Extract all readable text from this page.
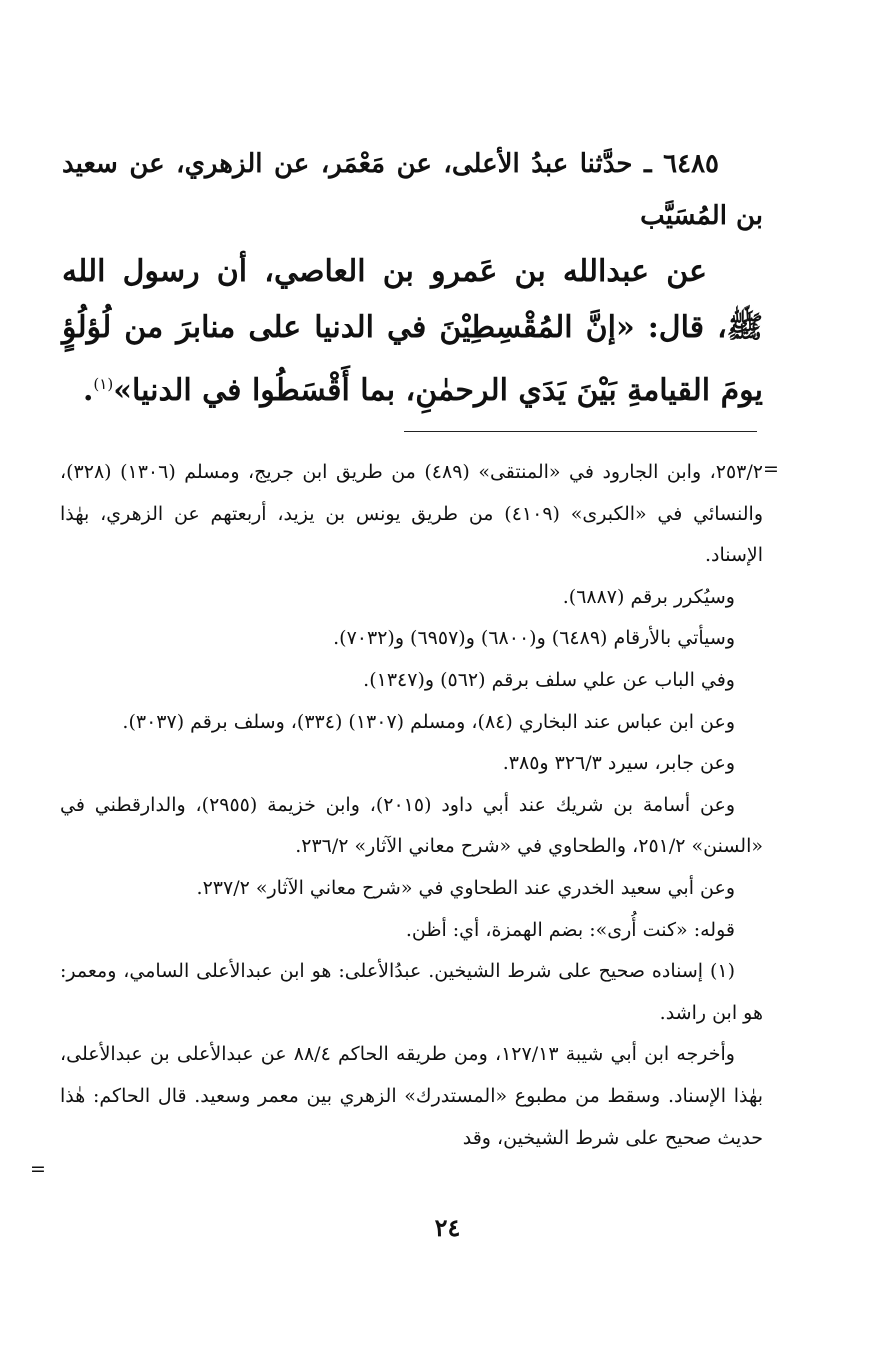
٦٤٨٥ ـ حدَّثنا عبدُ الأعلى، عن مَعْمَر، عن الزهري، عن سعيد بن المُسَيَّب
عن عبدالله بن عَمرو بن العاصي، أن رسول الله ﷺ، قال: «إنَّ المُقْسِطِيْنَ في الدنيا على منابرَ من لُؤلُؤٍ يومَ القيامةِ بَيْنَ يَدَي الرحمٰنِ، بما أَقْسَطُوا في الدنيا»$^{(١)}$.
=

٢٥٣/٢، وابن الجارود في «المنتقى» (٤٨٩) من طريق ابن جريج، ومسلم (١٣٠٦) (٣٢٨)، والنسائي في «الكبرى» (٤١٠٩) من طريق يونس بن يزيد، أربعتهم عن الزهري، بهٰذا الإسناد.

وسيُكرر برقم (٦٨٨٧).

وسيأتي بالأرقام (٦٤٨٩) و(٦٨٠٠) و(٦٩٥٧) و(٧٠٣٢).

وفي الباب عن علي سلف برقم (٥٦٢) و(١٣٤٧).

وعن ابن عباس عند البخاري (٨٤)، ومسلم (١٣٠٧) (٣٣٤)، وسلف برقم (٣٠٣٧).

وعن جابر، سيرد ٣٢٦/٣ و٣٨٥.

وعن أسامة بن شريك عند أبي داود (٢٠١٥)، وابن خزيمة (٢٩٥٥)، والدارقطني في «السنن» ٢٥١/٢، والطحاوي في «شرح معاني الآثار» ٢٣٦/٢.

وعن أبي سعيد الخدري عند الطحاوي في «شرح معاني الآثار» ٢٣٧/٢.

قوله: «كنت أُرى»: بضم الهمزة، أي: أظن.

(١) إسناده صحيح على شرط الشيخين. عبدُالأعلى: هو ابن عبدالأعلى السامي، ومعمر: هو ابن راشد.

وأخرجه ابن أبي شيبة ١٢٧/١٣، ومن طريقه الحاكم ٨٨/٤ عن عبدالأعلى بن عبدالأعلى، بهٰذا الإسناد. وسقط من مطبوع «المستدرك» الزهري بين معمر وسعيد. قال الحاكم: هٰذا حديث صحيح على شرط الشيخين، وقد

=
٢٤
